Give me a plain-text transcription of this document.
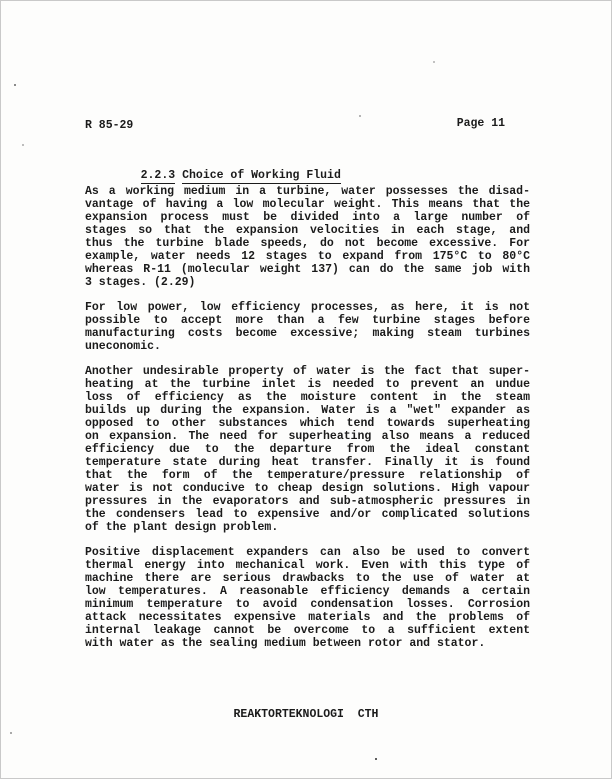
R 85-29	Page 11

2.2.3 Choice of Working Fluid

As a working medium in a turbine, water possesses the disad-
vantage of having a low molecular weight. This means that the
expansion process must be divided into a large number of
stages so that the expansion velocities in each stage, and
thus the turbine blade speeds, do not become excessive. For
example, water needs 12 stages to expand from 175°C to 80°C
whereas R-11 (molecular weight 137) can do the same job with
3 stages. (2.29)
For low power, low efficiency processes, as here, it is not
possible to accept more than a few turbine stages before
manufacturing costs become excessive; making steam turbines
uneconomic.
Another undesirable property of water is the fact that super-
heating at the turbine inlet is needed to prevent an undue
loss of efficiency as the moisture content in the steam
builds up during the expansion. Water is a "wet" expander as
opposed to other substances which tend towards superheating
on expansion. The need for superheating also means a reduced
efficiency due to the departure from the ideal constant
temperature state during heat transfer. Finally it is found
that the form of the temperature/pressure relationship of
water is not conducive to cheap design solutions. High vapour
pressures in the evaporators and sub-atmospheric pressures in
the condensers lead to expensive and/or complicated solutions
of the plant design problem.
Positive displacement expanders can also be used to convert
thermal energy into mechanical work. Even with this type of
machine there are serious drawbacks to the use of water at
low temperatures. A reasonable efficiency demands a certain
minimum temperature to avoid condensation losses. Corrosion
attack necessitates expensive materials and the problems of
internal leakage cannot be overcome to a sufficient extent
with water as the sealing medium between rotor and stator.
REAKTORTEKNOLOGI  CTH
